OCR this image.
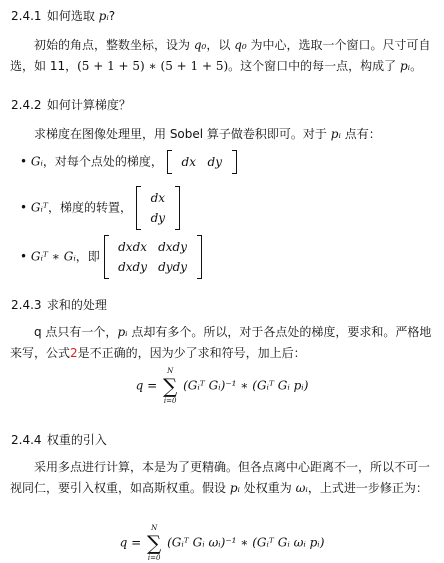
2.4.1 如何选取 pᵢ?
初始的角点，整数坐标，设为 q₀，以 q₀ 为中心，选取一个窗口。尺寸可自选，如 11，(5 + 1 + 5) ∗ (5 + 1 + 5)。这个窗口中的每一点，构成了 pᵢ。
2.4.2 如何计算梯度？
求梯度在图像处理里，用 Sobel 算子做卷积即可。对于 pᵢ 点有：
• Gᵢ，对每个点处的梯度， dx dy
• Gᵢᵀ，梯度的转置，
dx
dy
• Gᵢᵀ ∗ Gᵢ，即
dxdx dxdy
dxdy dydy
2.4.3 求和的处理
q 点只有一个，pᵢ 点却有多个。所以，对于各点处的梯度，要求和。严格地来写，公式2是不正确的，因为少了求和符号，加上后：
q =
N
∑
i=0
(Gᵢᵀ Gᵢ)⁻¹ ∗ (Gᵢᵀ Gᵢ pᵢ)
2.4.4 权重的引入
采用多点进行计算，本是为了更精确。但各点离中心距离不一，所以不可一视同仁，要引入权重，如高斯权重。假设 pᵢ 处权重为 ωᵢ，上式进一步修正为：
q =
N
∑
i=0
(Gᵢᵀ Gᵢ ωᵢ)⁻¹ ∗ (Gᵢᵀ Gᵢ ωᵢ pᵢ)
